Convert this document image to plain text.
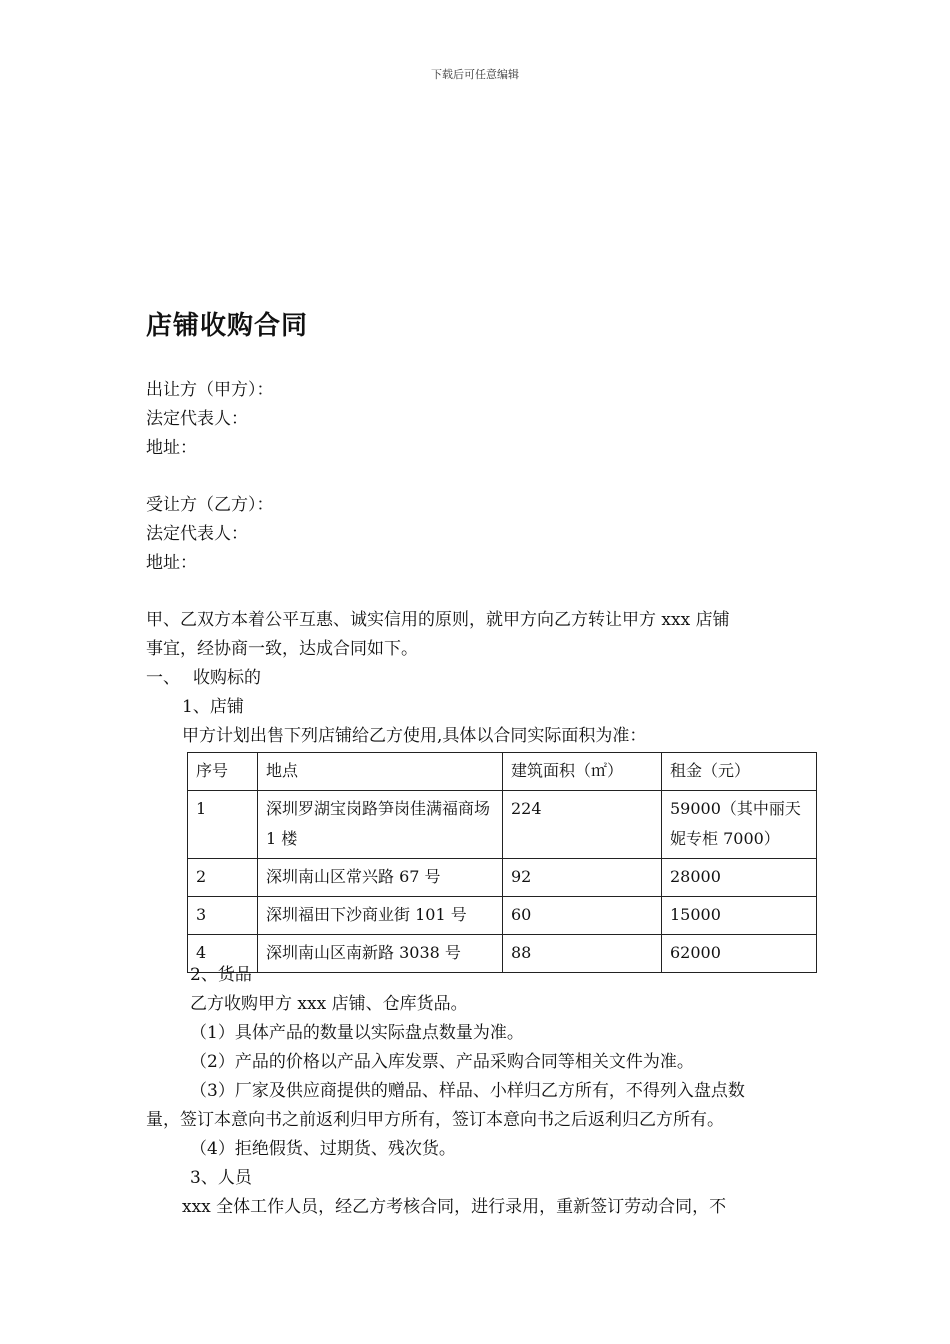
下载后可任意编辑
店铺收购合同
出让方（甲方）：
法定代表人：
地址：
受让方（乙方）：
法定代表人：
地址：
甲、乙双方本着公平互惠、诚实信用的原则，就甲方向乙方转让甲方 xxx 店铺
事宜，经协商一致，达成合同如下。
一、 收购标的
1、店铺
甲方计划出售下列店铺给乙方使用,具体以合同实际面积为准：
序号	地点	建筑面积（㎡）	租金（元）
1	深圳罗湖宝岗路笋岗佳满福商场 1 楼	224	59000（其中丽天妮专柜 7000）
2	深圳南山区常兴路 67 号	92	28000
3	深圳福田下沙商业街 101 号	60	15000
4	深圳南山区南新路 3038 号	88	62000
2、货品
乙方收购甲方 xxx 店铺、仓库货品。
（1）具体产品的数量以实际盘点数量为准。
（2）产品的价格以产品入库发票、产品采购合同等相关文件为准。
（3）厂家及供应商提供的赠品、样品、小样归乙方所有，不得列入盘点数
量，签订本意向书之前返利归甲方所有，签订本意向书之后返利归乙方所有。
（4）拒绝假货、过期货、残次货。
3、人员
xxx 全体工作人员，经乙方考核合同，进行录用，重新签订劳动合同，不
